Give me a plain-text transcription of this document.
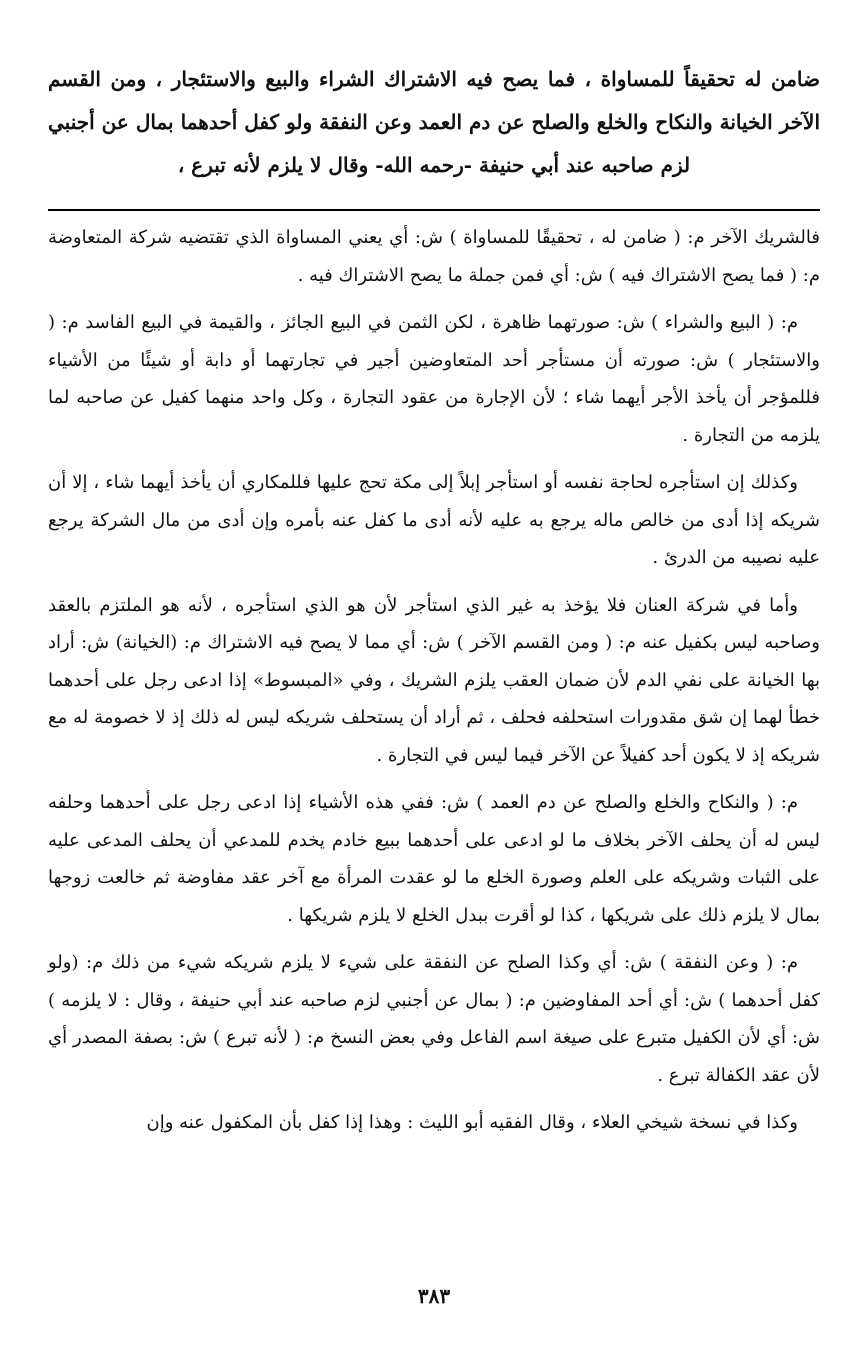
ضامن له تحقيقاً للمساواة ، فما يصح فيه الاشتراك الشراء والبيع والاستئجار ، ومن القسم الآخر الخيانة والنكاح والخلع والصلح عن دم العمد وعن النفقة ولو كفل أحدهما بمال عن أجنبي لزم صاحبه عند أبي حنيفة -رحمه الله- وقال لا يلزم لأنه تبرع ،

فالشريك الآخر م: ( ضامن له ، تحقيقًا للمساواة ) ش: أي يعني المساواة الذي تقتضيه شركة المتعاوضة م: ( فما يصح الاشتراك فيه ) ش: أي فمن جملة ما يصح الاشتراك فيه .

م: ( البيع والشراء ) ش: صورتهما ظاهرة ، لكن الثمن في البيع الجائز ، والقيمة في البيع الفاسد م: ( والاستئجار ) ش: صورته أن مستأجر أحد المتعاوضين أجير في تجارتهما أو دابة أو شيئًا من الأشياء فللمؤجر أن يأخذ الأجر أيهما شاء ؛ لأن الإجارة من عقود التجارة ، وكل واحد منهما كفيل عن صاحبه لما يلزمه من التجارة .

وكذلك إن استأجره لحاجة نفسه أو استأجر إبلاً إلى مكة تحج عليها فللمكاري أن يأخذ أيهما شاء ، إلا أن شريكه إذا أدى من خالص ماله يرجع به عليه لأنه أدى ما كفل عنه بأمره وإن أدى من مال الشركة يرجع عليه نصيبه من الدرئ .

وأما في شركة العنان فلا يؤخذ به غير الذي استأجر لأن هو الذي استأجره ، لأنه هو الملتزم بالعقد وصاحبه ليس بكفيل عنه م: ( ومن القسم الآخر ) ش: أي مما لا يصح فيه الاشتراك م: (الخيانة) ش: أراد بها الخيانة على نفي الدم لأن ضمان العقب يلزم الشريك ، وفي «المبسوط» إذا ادعى رجل على أحدهما خطأ لهما إن شق مقدورات استحلفه فحلف ، ثم أراد أن يستحلف شريكه ليس له ذلك إذ لا خصومة له مع شريكه إذ لا يكون أحد كفيلاً عن الآخر فيما ليس في التجارة .

م: ( والنكاح والخلع والصلح عن دم العمد ) ش: ففي هذه الأشياء إذا ادعى رجل على أحدهما وحلفه ليس له أن يحلف الآخر بخلاف ما لو ادعى على أحدهما ببيع خادم يخدم للمدعي أن يحلف المدعى عليه على الثبات وشريكه على العلم وصورة الخلع ما لو عقدت المرأة مع آخر عقد مفاوضة ثم خالعت زوجها بمال لا يلزم ذلك على شريكها ، كذا لو أقرت ببدل الخلع لا يلزم شريكها .

م: ( وعن النفقة ) ش: أي وكذا الصلح عن النفقة على شيء لا يلزم شريكه شيء من ذلك م: (ولو كفل أحدهما ) ش: أي أحد المفاوضين م: ( بمال عن أجنبي لزم صاحبه عند أبي حنيفة ، وقال : لا يلزمه ) ش: أي لأن الكفيل متبرع على صيغة اسم الفاعل وفي بعض النسخ م: ( لأنه تبرع ) ش: بصفة المصدر أي لأن عقد الكفالة تبرع .

وكذا في نسخة شيخي العلاء ، وقال الفقيه أبو الليث : وهذا إذا كفل بأن المكفول عنه وإن

٣٨٣
